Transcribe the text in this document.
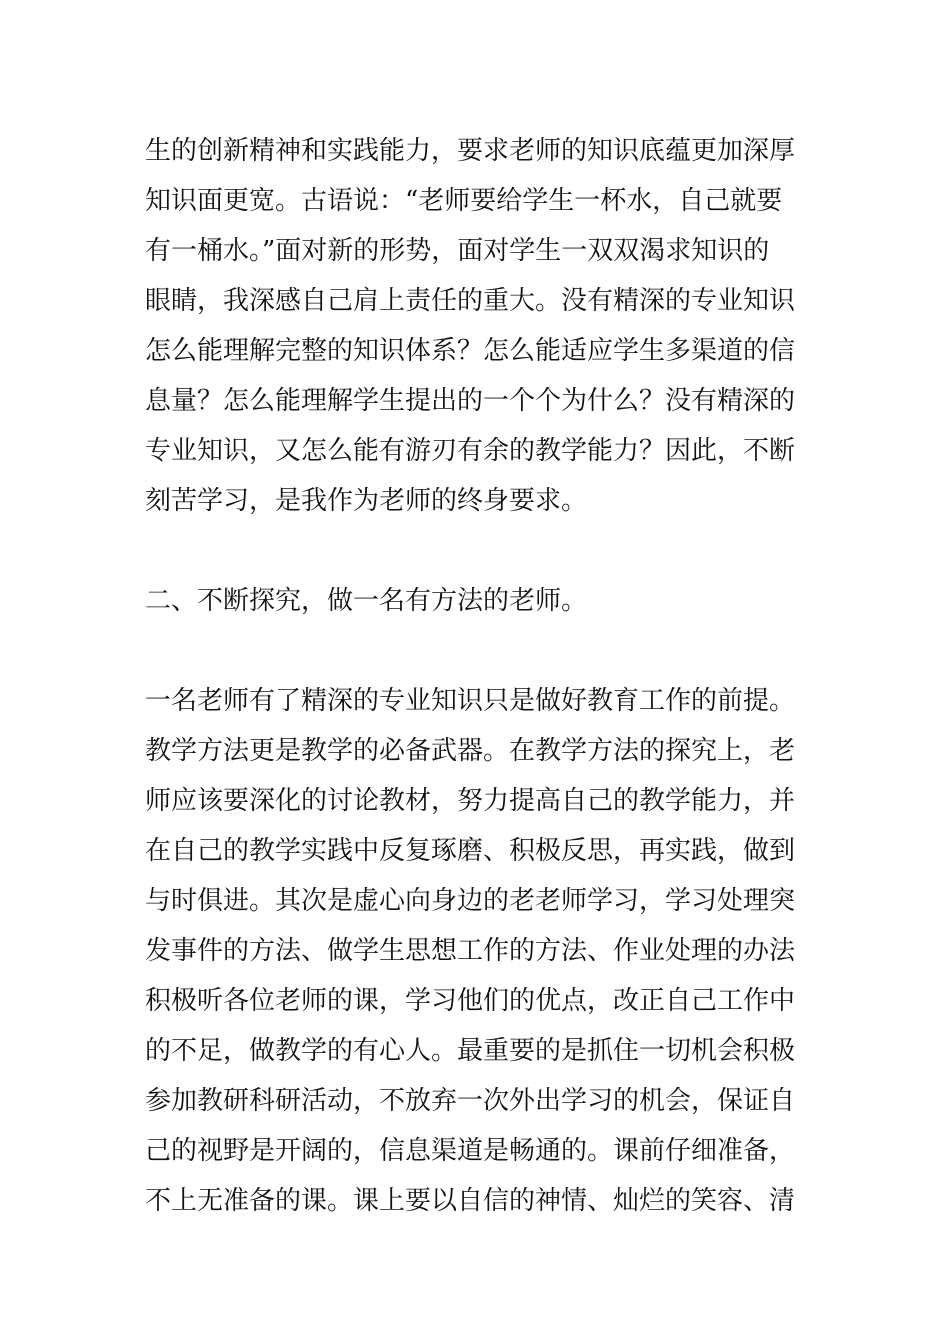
生的创新精神和实践能力，要求老师的知识底蕴更加深厚
知识面更宽。古语说：“老师要给学生一杯水，自己就要
有一桶水。”面对新的形势，面对学生一双双渴求知识的
眼睛，我深感自己肩上责任的重大。没有精深的专业知识
怎么能理解完整的知识体系？怎么能适应学生多渠道的信
息量？怎么能理解学生提出的一个个为什么？没有精深的
专业知识，又怎么能有游刃有余的教学能力？因此，不断
刻苦学习，是我作为老师的终身要求。
二、不断探究，做一名有方法的老师。
一名老师有了精深的专业知识只是做好教育工作的前提。
教学方法更是教学的必备武器。在教学方法的探究上，老
师应该要深化的讨论教材，努力提高自己的教学能力，并
在自己的教学实践中反复琢磨、积极反思，再实践，做到
与时俱进。其次是虚心向身边的老老师学习，学习处理突
发事件的方法、做学生思想工作的方法、作业处理的办法
积极听各位老师的课，学习他们的优点，改正自己工作中
的不足，做教学的有心人。最重要的是抓住一切机会积极
参加教研科研活动，不放弃一次外出学习的机会，保证自
己的视野是开阔的，信息渠道是畅通的。课前仔细准备，
不上无准备的课。课上要以自信的神情、灿烂的笑容、清
